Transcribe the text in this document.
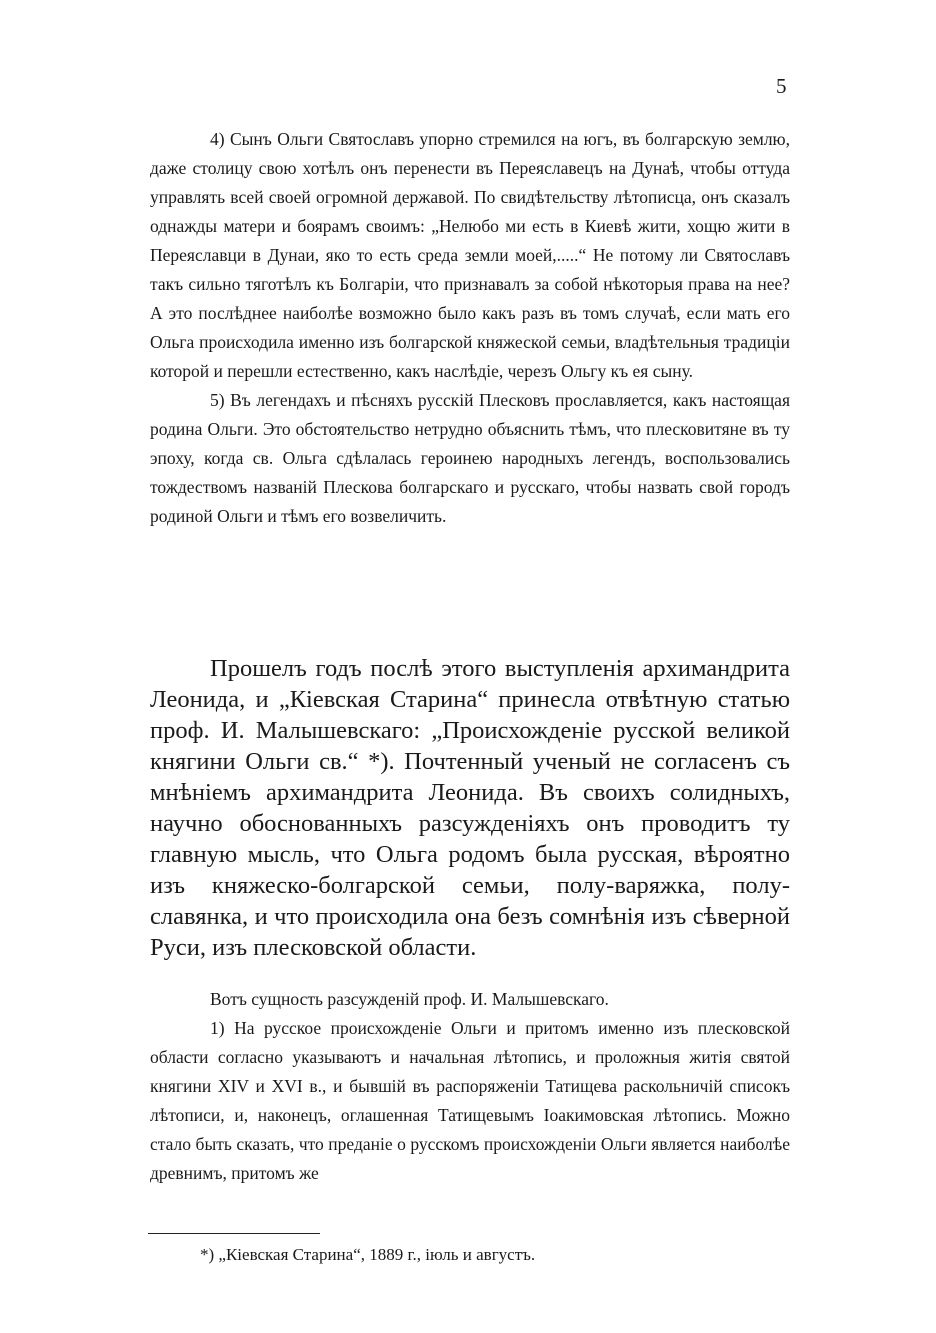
5

4) Сынъ Ольги Святославъ упорно стремился на югъ, въ болгарскую землю, даже столицу свою хотѣлъ онъ перенести въ Переяславецъ на Дунаѣ, чтобы оттуда управлять всей своей огромной державой. По свидѣтельству лѣтописца, онъ сказалъ однажды матери и боярамъ своимъ: „Нелюбо ми есть в Киевѣ жити, хощю жити в Переяславци в Дунаи, яко то есть среда земли моей,.....“ Не потому ли Святославъ такъ сильно тяготѣлъ къ Болгаріи, что признавалъ за собой нѣкоторыя права на нее? А это послѣднее наиболѣе возможно было какъ разъ въ томъ случаѣ, если мать его Ольга происходила именно изъ болгарской княжеской семьи, владѣтельныя традиціи которой и перешли естественно, какъ наслѣдіе, черезъ Ольгу къ ея сыну.

5) Въ легендахъ и пѣсняхъ русскій Плесковъ прославляется, какъ настоящая родина Ольги. Это обстоятельство нетрудно объяснить тѣмъ, что плесковитяне въ ту эпоху, когда св. Ольга сдѣлалась героинею народныхъ легендъ, воспользовались тождествомъ названій Плескова болгарскаго и русскаго, чтобы назвать свой городъ родиной Ольги и тѣмъ его возвеличить.

Прошелъ годъ послѣ этого выступленія архимандрита Леонида, и „Кіевская Старина“ принесла отвѣтную статью проф. И. Малышевскаго: „Происхожденіе русской великой княгини Ольги св.“ *). Почтенный ученый не согласенъ съ мнѣніемъ архимандрита Леонида. Въ своихъ солидныхъ, научно обоснованныхъ разсужденіяхъ онъ проводитъ ту главную мысль, что Ольга родомъ была русская, вѣроятно изъ княжеско-болгарской семьи, полу-варяжка, полу-славянка, и что происходила она безъ сомнѣнія изъ сѣверной Руси, изъ плесковской области.

Вотъ сущность разсужденій проф. И. Малышевскаго.

1) На русское происхожденіе Ольги и притомъ именно изъ плесковской области согласно указываютъ и начальная лѣтопись, и проложныя житія святой княгини XIV и XVI в., и бывшій въ распоряженіи Татищева раскольничій списокъ лѣтописи, и, наконецъ, оглашенная Татищевымъ Іоакимовская лѣтопись. Можно стало быть сказать, что преданіе о русскомъ происхожденіи Ольги является наиболѣе древнимъ, притомъ же

*) „Кіевская Старина“, 1889 г., іюль и августъ.
